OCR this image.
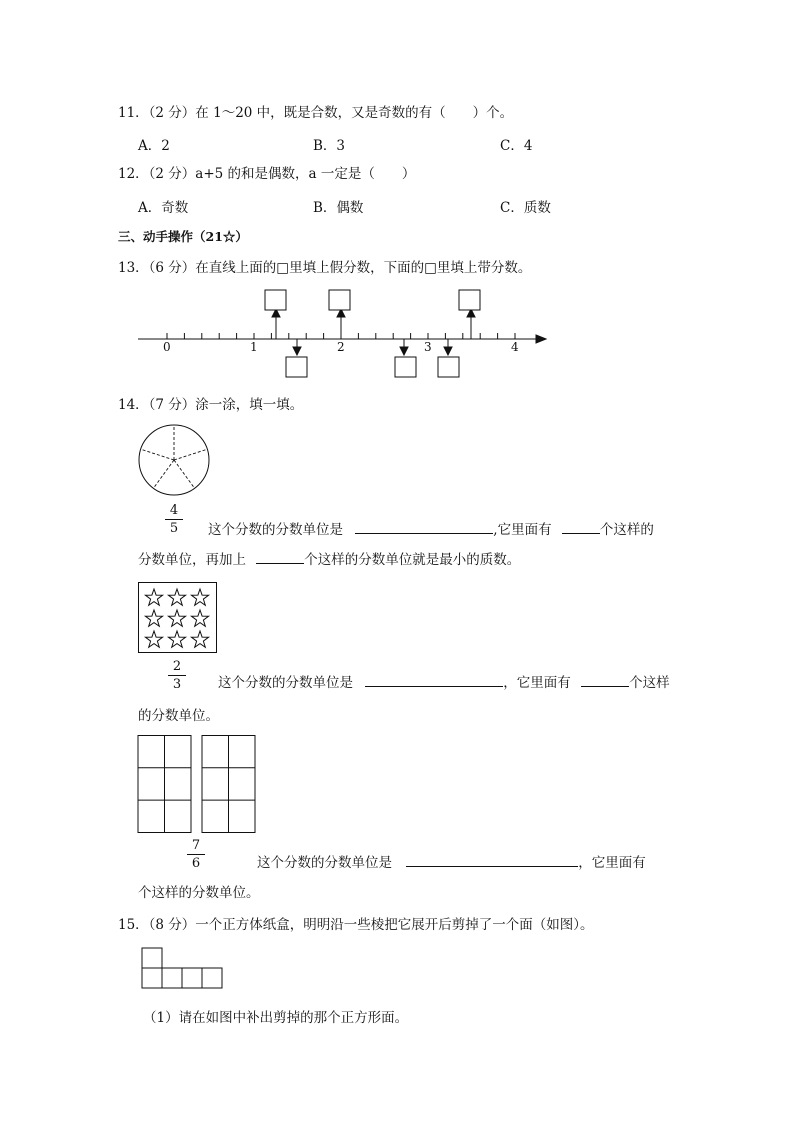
11．（2 分）在 1～20 中，既是合数，又是奇数的有（　　）个。
A．2	B．3	C．4
12．（2 分）a+5 的和是偶数，a 一定是（　　）
A．奇数	B．偶数	C．质数
三、动手操作（21☆）
13．（6 分）在直线上面的□里填上假分数，下面的□里填上带分数。
0	1	2	3	4
14．（7 分）涂一涂，填一填。
4
5	这个分数的分数单位是	,它里面有	个这样的
分数单位，再加上	个这样的分数单位就是最小的质数。
2
3	这个分数的分数单位是	，它里面有	个这样
的分数单位。
7
6	这个分数的分数单位是	，它里面有
个这样的分数单位。
15．（8 分）一个正方体纸盒，明明沿一些棱把它展开后剪掉了一个面（如图）。
（1）请在如图中补出剪掉的那个正方形面。
